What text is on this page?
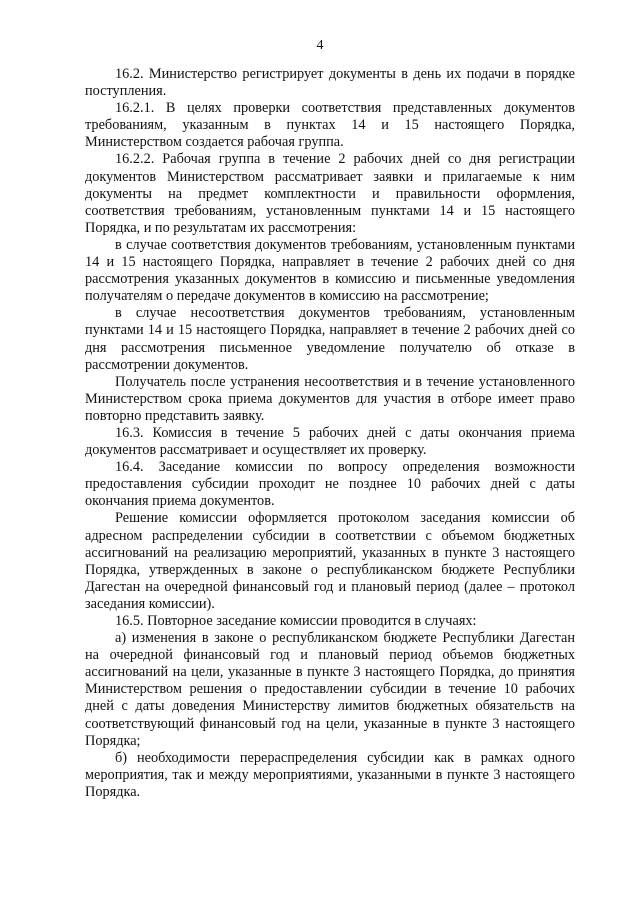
4

16.2. Министерство регистрирует документы в день их подачи в порядке поступления.

16.2.1. В целях проверки соответствия представленных документов требованиям, указанным в пунктах 14 и 15 настоящего Порядка, Министерством создается рабочая группа.

16.2.2. Рабочая группа в течение 2 рабочих дней со дня регистрации документов Министерством рассматривает заявки и прилагаемые к ним документы на предмет комплектности и правильности оформления, соответствия требованиям, установленным пунктами 14 и 15 настоящего Порядка, и по результатам их рассмотрения:

в случае соответствия документов требованиям, установленным пунктами 14 и 15 настоящего Порядка, направляет в течение 2 рабочих дней со дня рассмотрения указанных документов в комиссию и письменные уведомления получателям о передаче документов в комиссию на рассмотрение;

в случае несоответствия документов требованиям, установленным пунктами 14 и 15 настоящего Порядка, направляет в течение 2 рабочих дней со дня рассмотрения письменное уведомление получателю об отказе в рассмотрении документов.

Получатель после устранения несоответствия и в течение установленного Министерством срока приема документов для участия в отборе имеет право повторно представить заявку.

16.3. Комиссия в течение 5 рабочих дней с даты окончания приема документов рассматривает и осуществляет их проверку.

16.4. Заседание комиссии по вопросу определения возможности предоставления субсидии проходит не позднее 10 рабочих дней с даты окончания приема документов.

Решение комиссии оформляется протоколом заседания комиссии об адресном распределении субсидии в соответствии с объемом бюджетных ассигнований на реализацию мероприятий, указанных в пункте 3 настоящего Порядка, утвержденных в законе о республиканском бюджете Республики Дагестан на очередной финансовый год и плановый период (далее – протокол заседания комиссии).

16.5. Повторное заседание комиссии проводится в случаях:

а) изменения в законе о республиканском бюджете Республики Дагестан на очередной финансовый год и плановый период объемов бюджетных ассигнований на цели, указанные в пункте 3 настоящего Порядка, до принятия Министерством решения о предоставлении субсидии в течение 10 рабочих дней с даты доведения Министерству лимитов бюджетных обязательств на соответствующий финансовый год на цели, указанные в пункте 3 настоящего Порядка;

б) необходимости перераспределения субсидии как в рамках одного мероприятия, так и между мероприятиями, указанными в пункте 3 настоящего Порядка.
